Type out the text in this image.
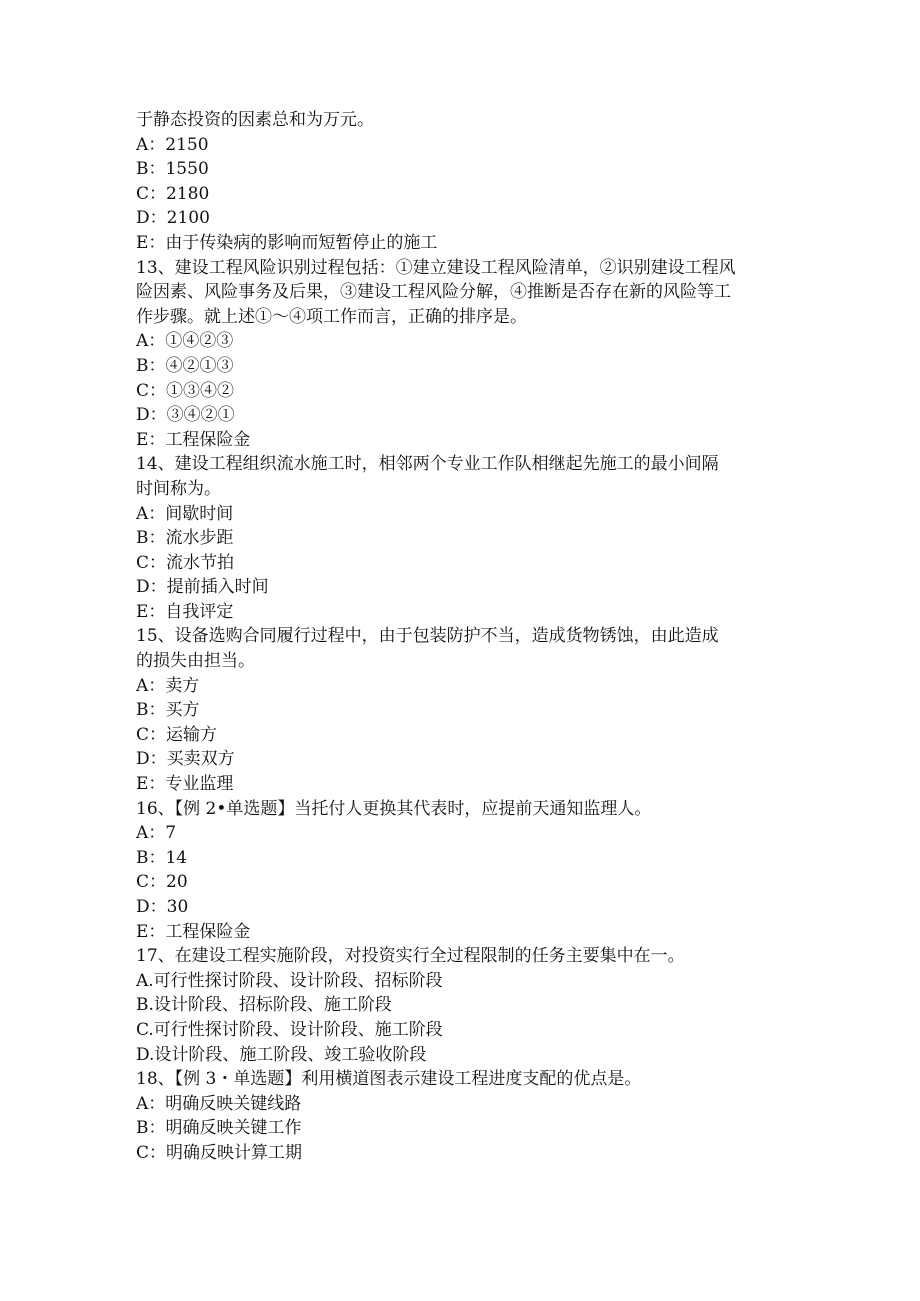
于静态投资的因素总和为万元。
A：2150
B：1550
C：2180
D：2100
E：由于传染病的影响而短暂停止的施工
13、建设工程风险识别过程包括：①建立建设工程风险清单，②识别建设工程风
险因素、风险事务及后果，③建设工程风险分解，④推断是否存在新的风险等工
作步骤。就上述①～④项工作而言，正确的排序是。
A：①④②③
B：④②①③
C：①③④②
D：③④②①
E：工程保险金
14、建设工程组织流水施工时，相邻两个专业工作队相继起先施工的最小间隔
时间称为。
A：间歇时间
B：流水步距
C：流水节拍
D：提前插入时间
E：自我评定
15、设备选购合同履行过程中，由于包装防护不当，造成货物锈蚀，由此造成
的损失由担当。
A：卖方
B：买方
C：运输方
D：买卖双方
E：专业监理
16、【例 2•单选题】当托付人更换其代表时，应提前天通知监理人。
A：7
B：14
C：20
D：30
E：工程保险金
17、在建设工程实施阶段，对投资实行全过程限制的任务主要集中在一。
A.可行性探讨阶段、设计阶段、招标阶段
B.设计阶段、招标阶段、施工阶段
C.可行性探讨阶段、设计阶段、施工阶段
D.设计阶段、施工阶段、竣工验收阶段
18、【例 3・单选题】利用横道图表示建设工程进度支配的优点是。
A：明确反映关键线路
B：明确反映关键工作
C：明确反映计算工期
